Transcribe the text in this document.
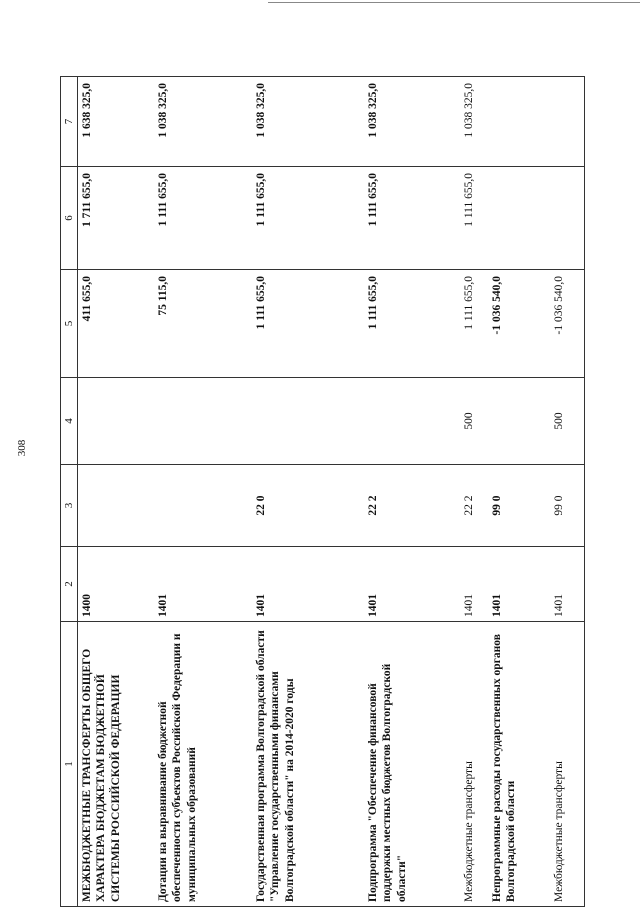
308
1	2	3	4	5	6	7
МЕЖБЮДЖЕТНЫЕ ТРАНСФЕРТЫ ОБЩЕГО ХАРАКТЕРА БЮДЖЕТАМ БЮДЖЕТНОЙ СИСТЕМЫ РОССИЙСКОЙ ФЕДЕРАЦИИ	1400			411 655,0	1 711 655,0	1 638 325,0
Дотации на выравнивание бюджетной обеспеченности субъектов Российской Федерации и муниципальных образований	1401			75 115,0	1 111 655,0	1 038 325,0
Государственная программа Волгоградской области "Управление государственными финансами Волгоградской области" на 2014-2020 годы	1401	22 0		1 111 655,0	1 111 655,0	1 038 325,0
Подпрограмма "Обеспечение финансовой поддержки местных бюджетов Волгоградской области"	1401	22 2		1 111 655,0	1 111 655,0	1 038 325,0
Межбюджетные трансферты	1401	22 2	500	1 111 655,0	1 111 655,0	1 038 325,0
Непрограммные расходы государственных органов Волгоградской области	1401	99 0		-1 036 540,0		
Межбюджетные трансферты	1401	99 0	500	-1 036 540,0		
